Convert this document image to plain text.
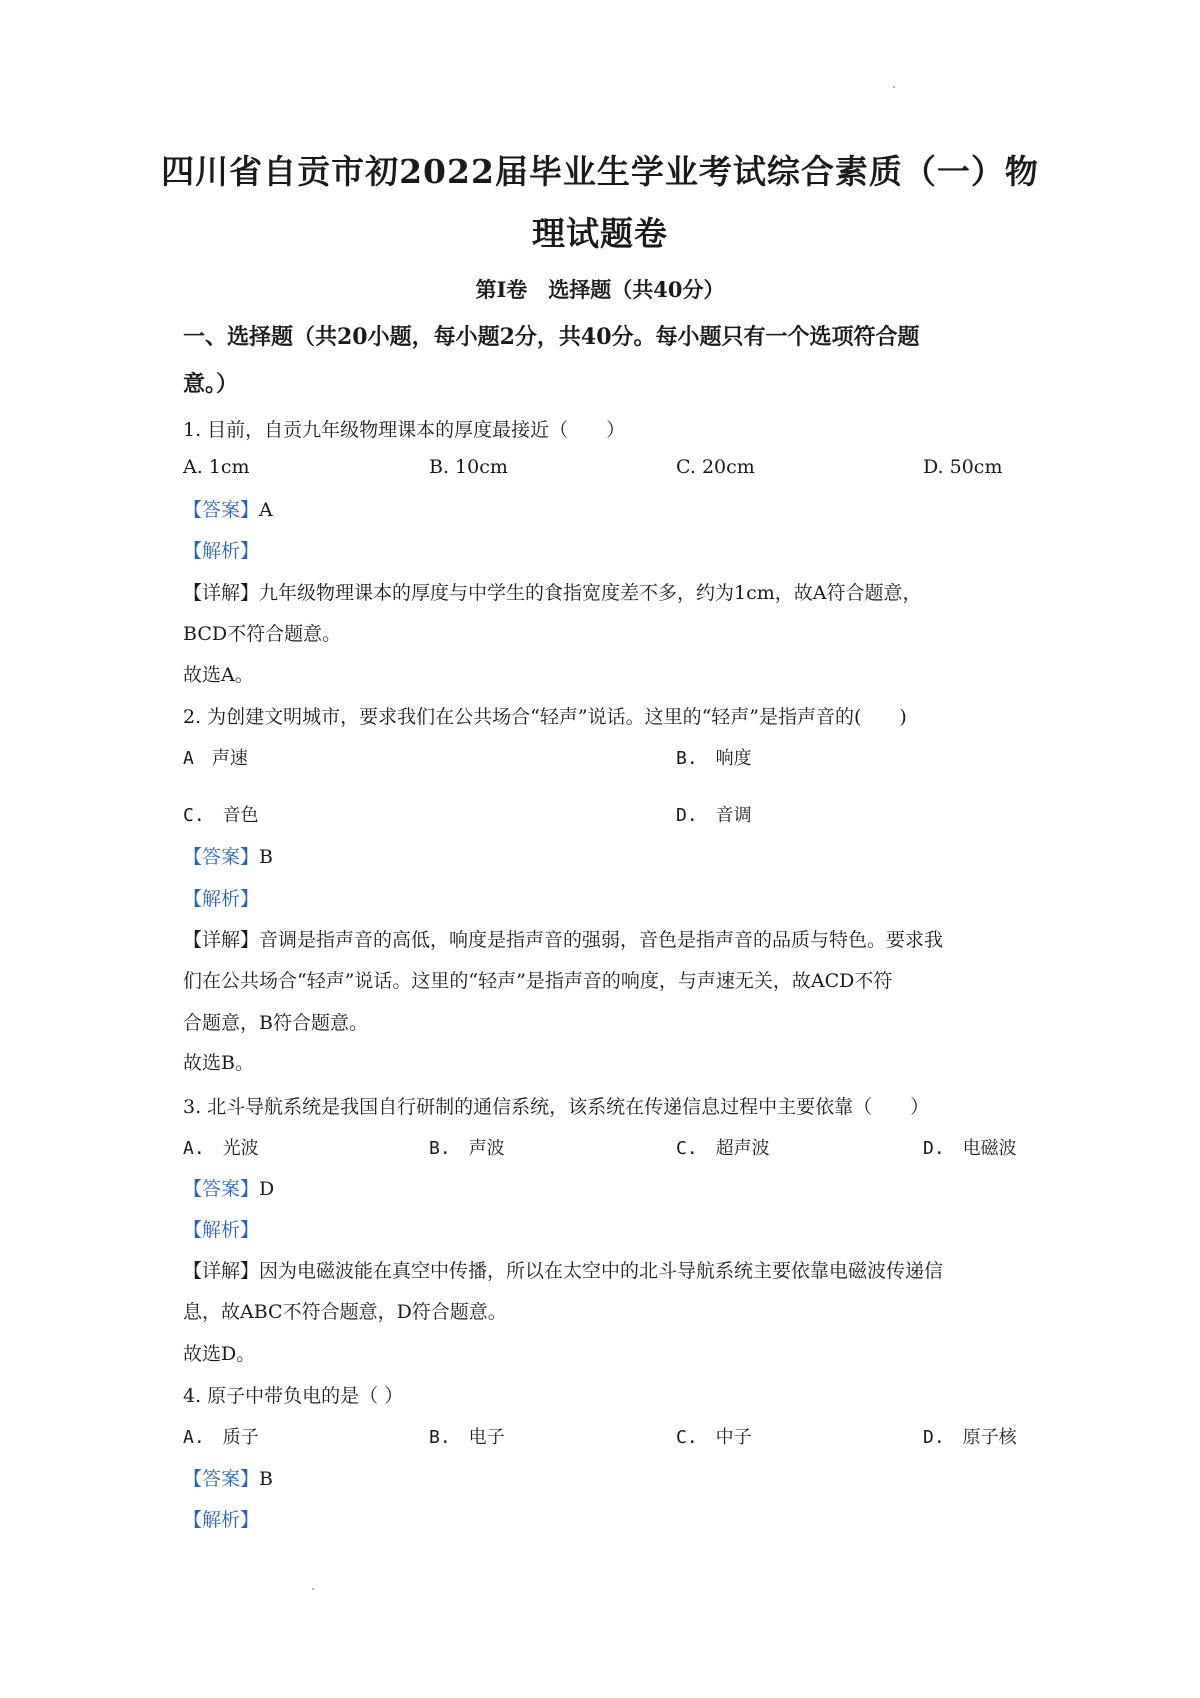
四川省自贡市初2022届毕业生学业考试综合素质（一）物
理试题卷
第Ⅰ卷　选择题（共40分）
一、选择题（共20小题，每小题2分，共40分。每小题只有一个选项符合题
意。）
1. 目前，自贡九年级物理课本的厚度最接近（　　）
A. 1cm	B. 10cm	C. 20cm	D. 50cm
【答案】A
【解析】
【详解】九年级物理课本的厚度与中学生的食指宽度差不多，约为1cm，故A符合题意，
BCD不符合题意。
故选A。
2. 为创建文明城市，要求我们在公共场合“轻声”说话。这里的“轻声”是指声音的(　　)
A　声速	B.　响度
C.　音色	D.　音调
【答案】B
【解析】
【详解】音调是指声音的高低，响度是指声音的强弱，音色是指声音的品质与特色。要求我
们在公共场合“轻声”说话。这里的“轻声”是指声音的响度，与声速无关，故ACD不符
合题意，B符合题意。
故选B。
3. 北斗导航系统是我国自行研制的通信系统，该系统在传递信息过程中主要依靠（　　）
A.　光波	B.　声波	C.　超声波	D.　电磁波
【答案】D
【解析】
【详解】因为电磁波能在真空中传播，所以在太空中的北斗导航系统主要依靠电磁波传递信
息，故ABC不符合题意，D符合题意。
故选D。
4. 原子中带负电的是（ ）
A.　质子	B.　电子	C.　中子	D.　原子核
【答案】B
【解析】
